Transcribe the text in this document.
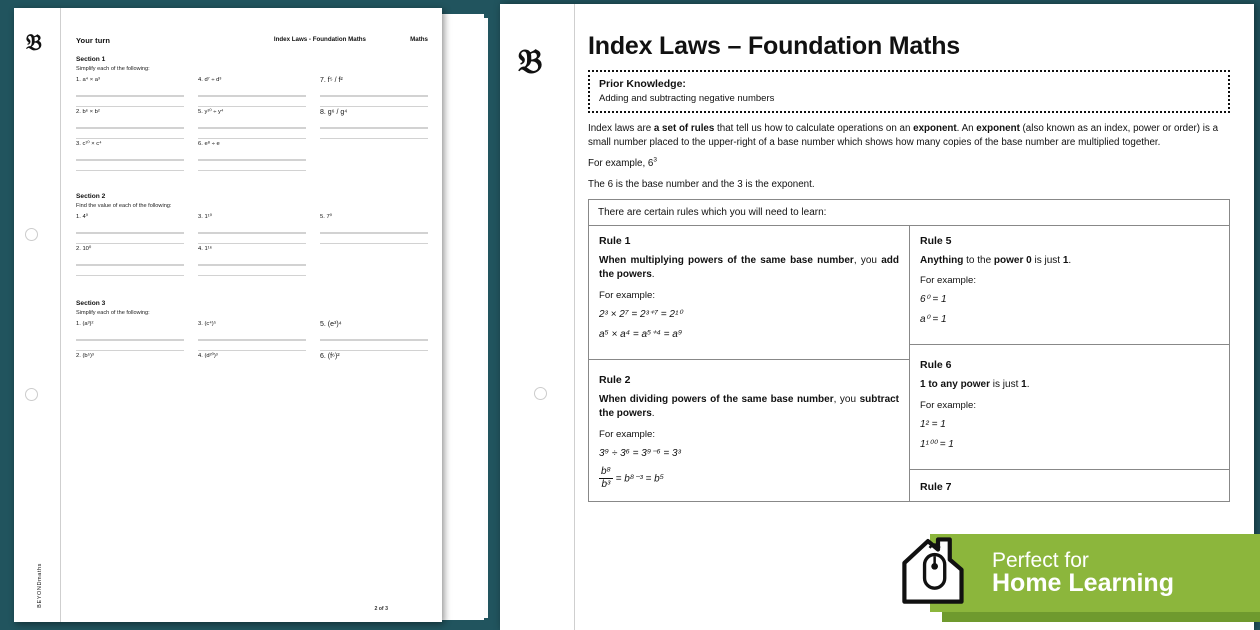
𝔅
BEYONDmaths
2 of 3
Your turn	Index Laws - Foundation Maths	Maths
Section 1
Simplify each of the following:
1. a⁴ × a³
2. b⁶ × b²
3. c¹⁰ × c⁴
4. d⁷ ÷ d³
5. y¹⁰ ÷ y⁴
6. e⁸ ÷ e
7. f⁵ / f²
8. g⁶ / g⁴
Section 2
Find the value of each of the following:
1. 4⁰
2. 10⁰
3. 1¹⁰
4. 1¹⁶
5. 7⁰
Section 3
Simplify each of the following:
1. (a³)²
2. (b⁵)³
3. (c⁴)⁵
4. (d²⁰)³
5. (e³)⁴
6. (f⁶)²
𝔅 Index Laws – Foundation Maths
Prior Knowledge:
Adding and subtracting negative numbers
Index laws are a set of rules that tell us how to calculate operations on an exponent. An exponent (also known as an index, power or order) is a small number placed to the upper-right of a base number which shows how many copies of the base number are multiplied together.
For example, $6^3$
The 6 is the base number and the 3 is the exponent.
There are certain rules which you will need to learn:
Rule 1
When multiplying powers of the same base number, you add the powers.
For example:
2³ × 2⁷ = 2³⁺⁷ = 2¹⁰
a⁵ × a⁴ = a⁵⁺⁴ = a⁹
Rule 2
When dividing powers of the same base number, you subtract the powers.
For example:
3⁹ ÷ 3⁶ = 3⁹⁻⁶ = 3³
$\frac{\text{b⁸}}{\text{b³}} = b^{8-3} = b^5$
Rule 5
Anything to the power 0 is just 1.
For example:
6⁰ = 1
a⁰ = 1
Rule 6
1 to any power is just 1.
For example:
1² = 1
1¹⁰⁰ = 1
Rule 7
Perfect for
Home Learning
